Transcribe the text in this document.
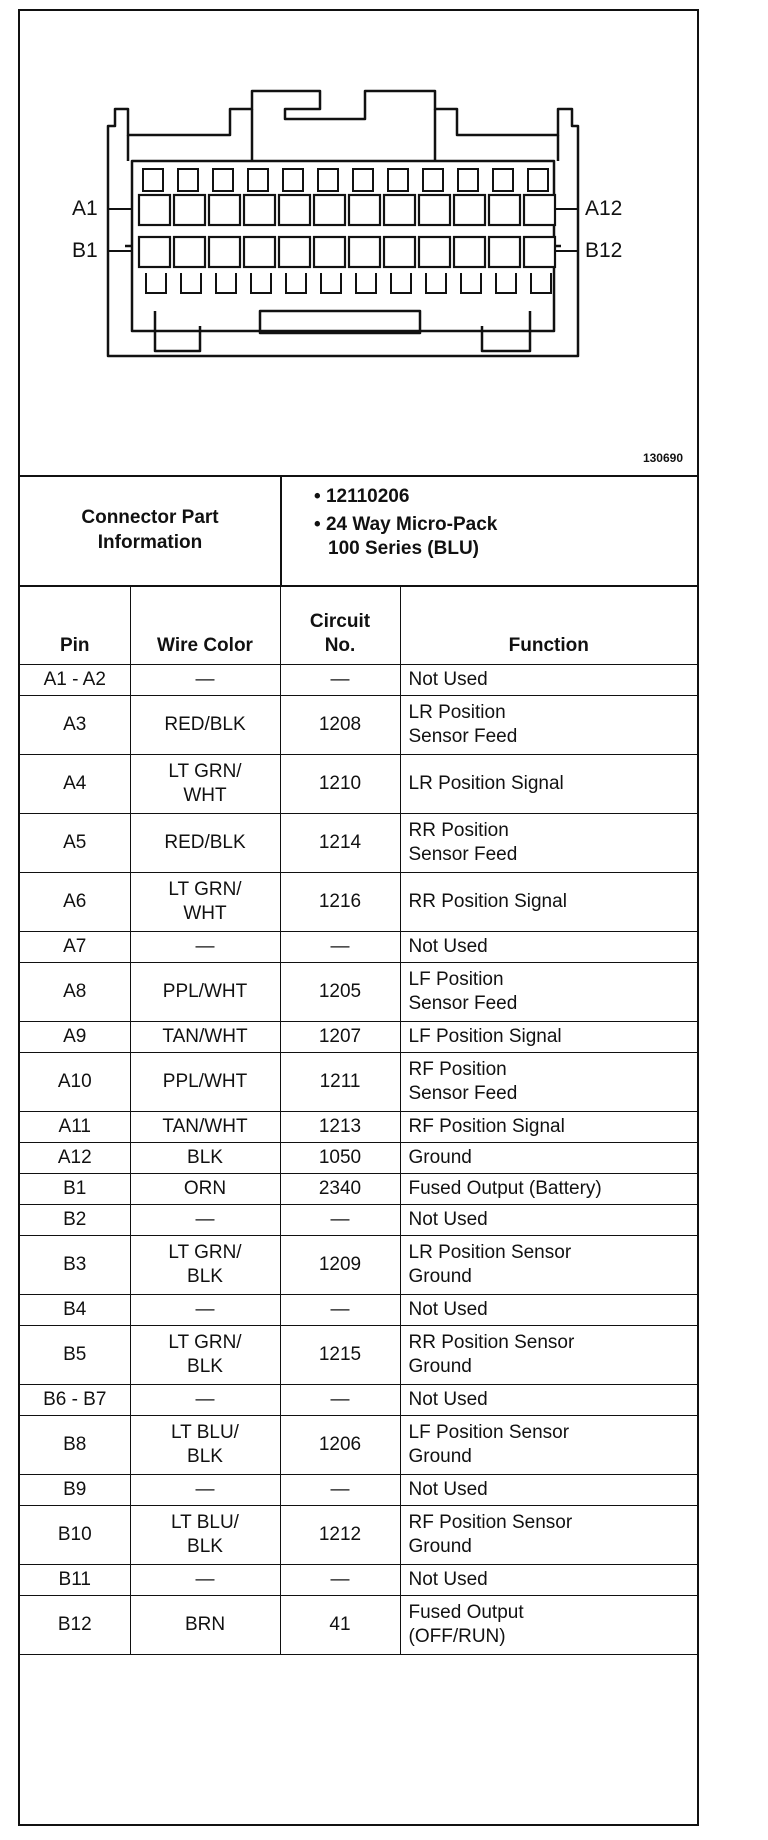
A1
B1
A12
B12
130690
Connector Part
Information
• 12110206
• 24 Way Micro-Pack
100 Series (BLU)
Pin	Wire Color	Circuit
No.	Function
A1 - A2	—	—	Not Used
A3	RED/BLK	1208	LR Position
Sensor Feed
A4	LT GRN/
WHT	1210	LR Position Signal
A5	RED/BLK	1214	RR Position
Sensor Feed
A6	LT GRN/
WHT	1216	RR Position Signal
A7	—	—	Not Used
A8	PPL/WHT	1205	LF Position
Sensor Feed
A9	TAN/WHT	1207	LF Position Signal
A10	PPL/WHT	1211	RF Position
Sensor Feed
A11	TAN/WHT	1213	RF Position Signal
A12	BLK	1050	Ground
B1	ORN	2340	Fused Output (Battery)
B2	—	—	Not Used
B3	LT GRN/
BLK	1209	LR Position Sensor
Ground
B4	—	—	Not Used
B5	LT GRN/
BLK	1215	RR Position Sensor
Ground
B6 - B7	—	—	Not Used
B8	LT BLU/
BLK	1206	LF Position Sensor
Ground
B9	—	—	Not Used
B10	LT BLU/
BLK	1212	RF Position Sensor
Ground
B11	—	—	Not Used
B12	BRN	41	Fused Output
(OFF/RUN)
